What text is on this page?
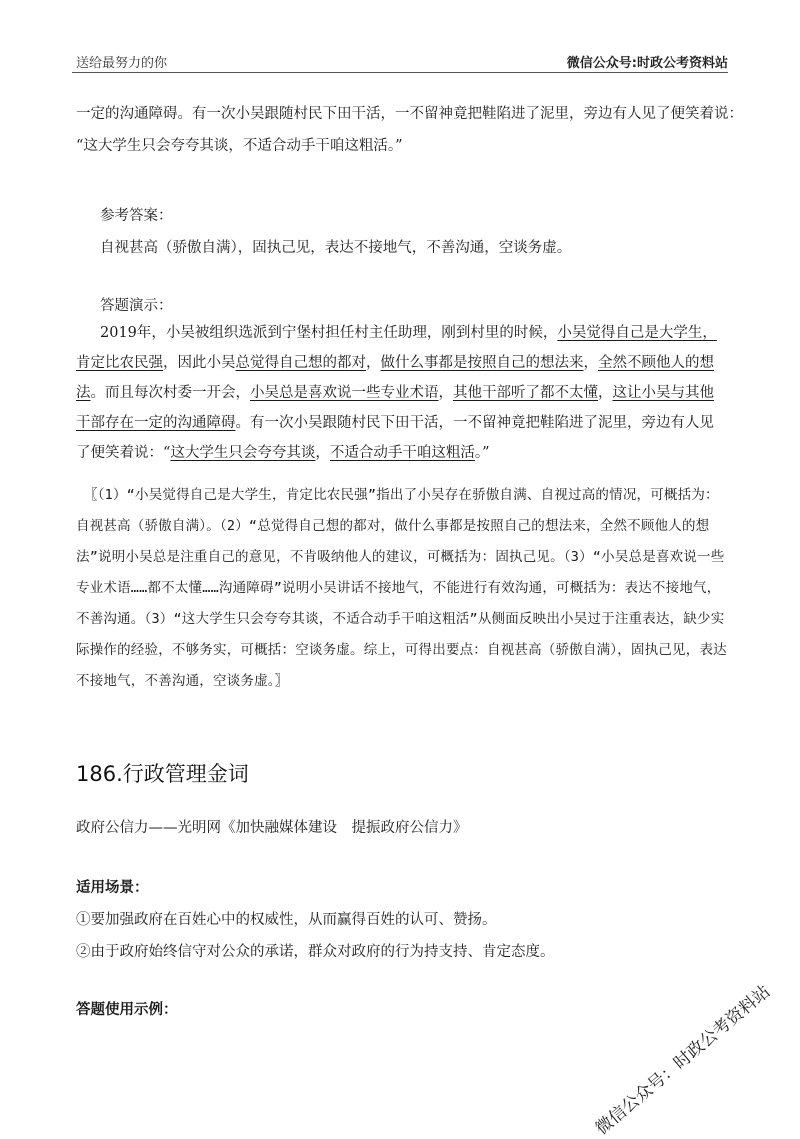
送给最努力的你	微信公众号:时政公考资料站
一定的沟通障碍。有一次小吴跟随村民下田干活，一不留神竟把鞋陷进了泥里，旁边有人见了便笑着说：
“这大学生只会夸夸其谈，不适合动手干咱这粗活。”
参考答案：
自视甚高（骄傲自满），固执己见，表达不接地气，不善沟通，空谈务虚。
答题演示：
2019年，小吴被组织选派到宁堡村担任村主任助理，刚到村里的时候，小吴觉得自己是大学生，肯定比农民强，因此小吴总觉得自己想的都对，做什么事都是按照自己的想法来，全然不顾他人的想法。而且每次村委一开会，小吴总是喜欢说一些专业术语，其他干部听了都不太懂，这让小吴与其他干部存在一定的沟通障碍。有一次小吴跟随村民下田干活，一不留神竟把鞋陷进了泥里，旁边有人见了便笑着说：“这大学生只会夸夸其谈，不适合动手干咱这粗活。”
〖（1）“小吴觉得自己是大学生，肯定比农民强”指出了小吴存在骄傲自满、自视过高的情况，可概括为：自视甚高（骄傲自满）。（2）“总觉得自己想的都对，做什么事都是按照自己的想法来，全然不顾他人的想法”说明小吴总是注重自己的意见，不肯吸纳他人的建议，可概括为：固执己见。（3）“小吴总是喜欢说一些专业术语……都不太懂……沟通障碍”说明小吴讲话不接地气，不能进行有效沟通，可概括为：表达不接地气，不善沟通。（3）“这大学生只会夸夸其谈，不适合动手干咱这粗活”从侧面反映出小吴过于注重表达，缺少实际操作的经验，不够务实，可概括：空谈务虚。综上，可得出要点：自视甚高（骄傲自满），固执己见，表达不接地气，不善沟通，空谈务虚。〗
186.行政管理金词
政府公信力——光明网《加快融媒体建设　提振政府公信力》
适用场景：
①要加强政府在百姓心中的权威性，从而赢得百姓的认可、赞扬。
②由于政府始终信守对公众的承诺，群众对政府的行为持支持、肯定态度。
答题使用示例：	微信公众号：时政公考资料站
